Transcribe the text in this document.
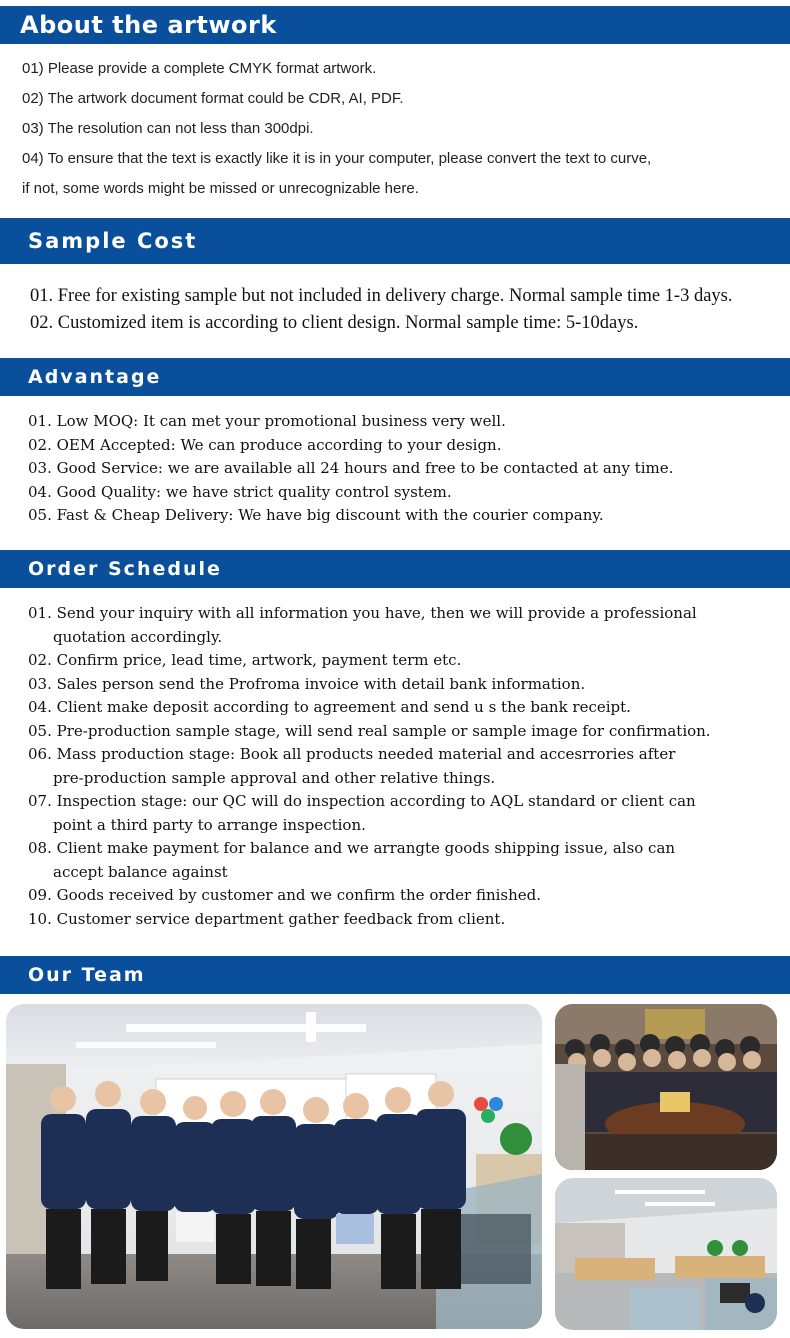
About the artwork
01) Please provide a complete CMYK format artwork.
02) The artwork document format could be CDR, AI, PDF.
03) The resolution can not less than 300dpi.
04) To ensure that the text is exactly like it is in your computer, please convert the text to curve,
if not, some words might be missed or unrecognizable here.
Sample Cost
01. Free for existing sample but not included in delivery charge. Normal sample time 1-3 days.
02. Customized item is according to client design. Normal sample time: 5-10days.
Advantage
01. Low MOQ: It can met your promotional business very well.
02. OEM Accepted: We can produce according to your design.
03. Good Service: we are available all 24 hours and free to be contacted at any time.
04. Good Quality: we have strict quality control system.
05. Fast & Cheap Delivery: We have big discount with the courier company.
Order Schedule
01. Send your inquiry with all information you have, then we will provide a professional
quotation accordingly.
02. Confirm price, lead time, artwork, payment term etc.
03. Sales person send the Profroma invoice with detail bank information.
04. Client make deposit according to agreement and send u s the bank receipt.
05. Pre-production sample stage, will send real sample or sample image for confirmation.
06. Mass production stage: Book all products needed material and accesrrories after
pre-production sample approval and other relative things.
07. Inspection stage: our QC will do inspection according to AQL standard or client can
point a third party to arrange inspection.
08. Client make payment for balance and we arrangte goods shipping issue, also can
accept balance against
09. Goods received by customer and we confirm the order finished.
10. Customer service department gather feedback from client.
Our Team
